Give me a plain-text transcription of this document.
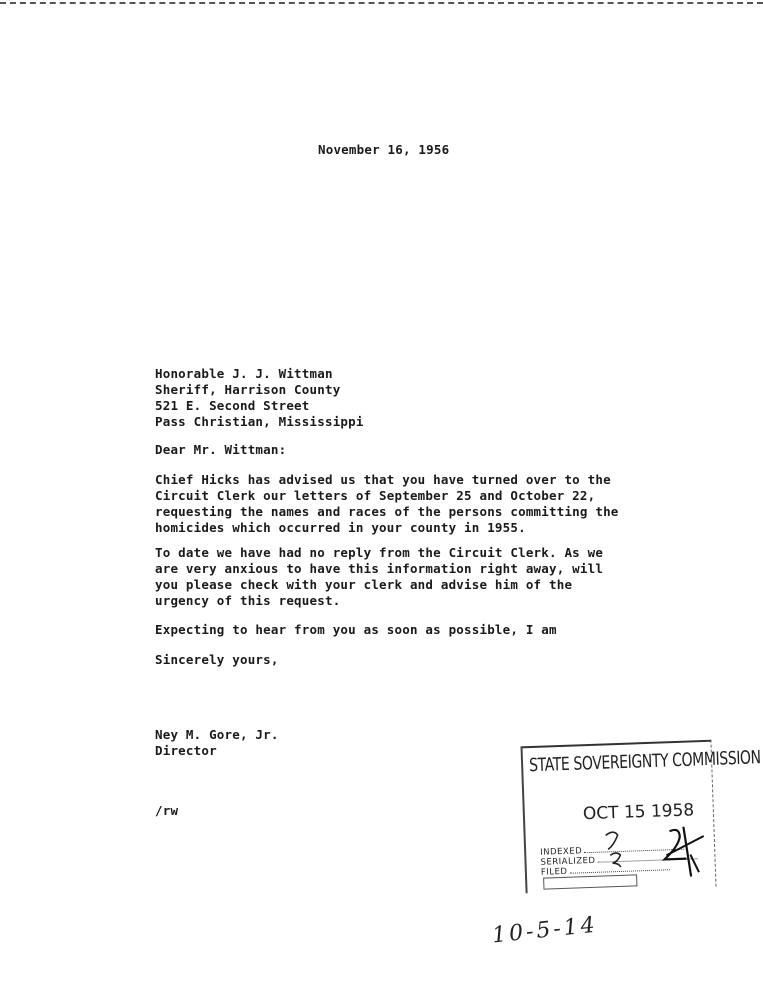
November 16, 1956
Honorable J. J. Wittman
Sheriff, Harrison County
521 E. Second Street
Pass Christian, Mississippi
Dear Mr. Wittman:
Chief Hicks has advised us that you have turned over to the
Circuit Clerk our letters of September 25 and October 22,
requesting the names and races of the persons committing the
homicides which occurred in your county in 1955.
To date we have had no reply from the Circuit Clerk. As we
are very anxious to have this information right away, will
you please check with your clerk and advise him of the
urgency of this request.
Expecting to hear from you as soon as possible, I am
Sincerely yours,
Ney M. Gore, Jr.
Director
/rw
STATE SOVEREIGNTY COMMISSION
OCT 15 1958
INDEXED
SERIALIZED
FILED
10-5-14
